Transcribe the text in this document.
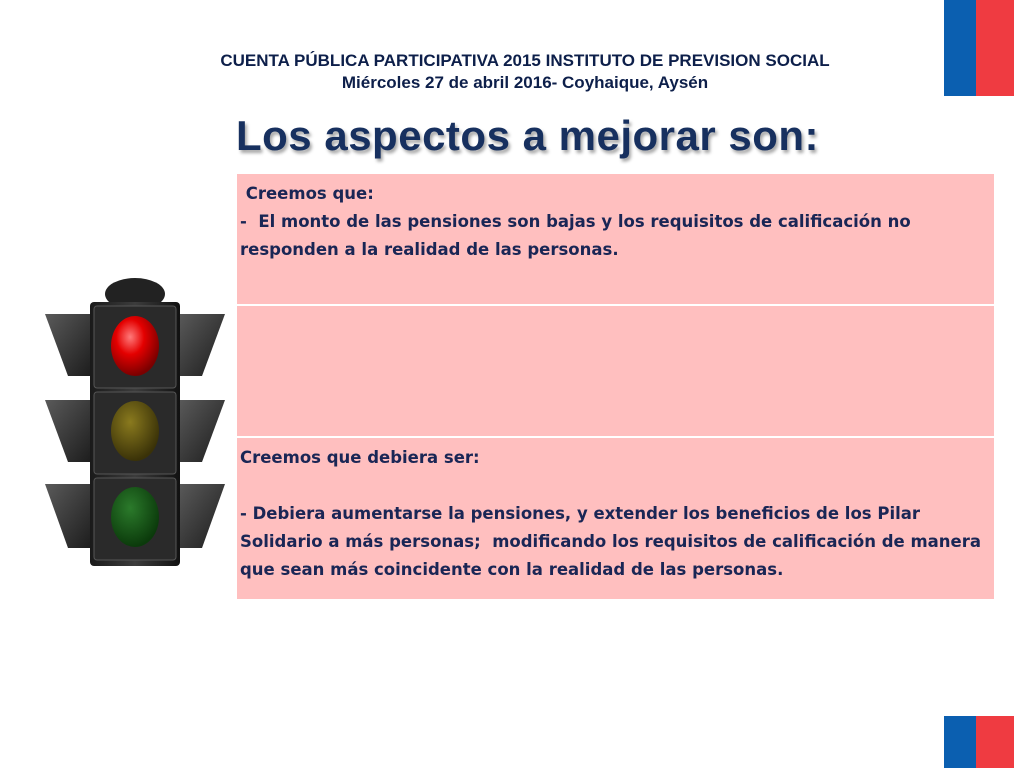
CUENTA PÚBLICA PARTICIPATIVA 2015 INSTITUTO DE PREVISION SOCIAL
Miércoles 27 de abril 2016- Coyhaique, Aysén
Los aspectos a mejorar son:

Creemos que:

-  El monto de las pensiones son bajas y los requisitos de calificación no responden a la realidad de las personas.

Creemos que debiera ser:

- Debiera aumentarse la pensiones, y extender los beneficios de los Pilar Solidario a más personas;  modificando los requisitos de calificación de manera que sean más coincidente con la realidad de las personas.
